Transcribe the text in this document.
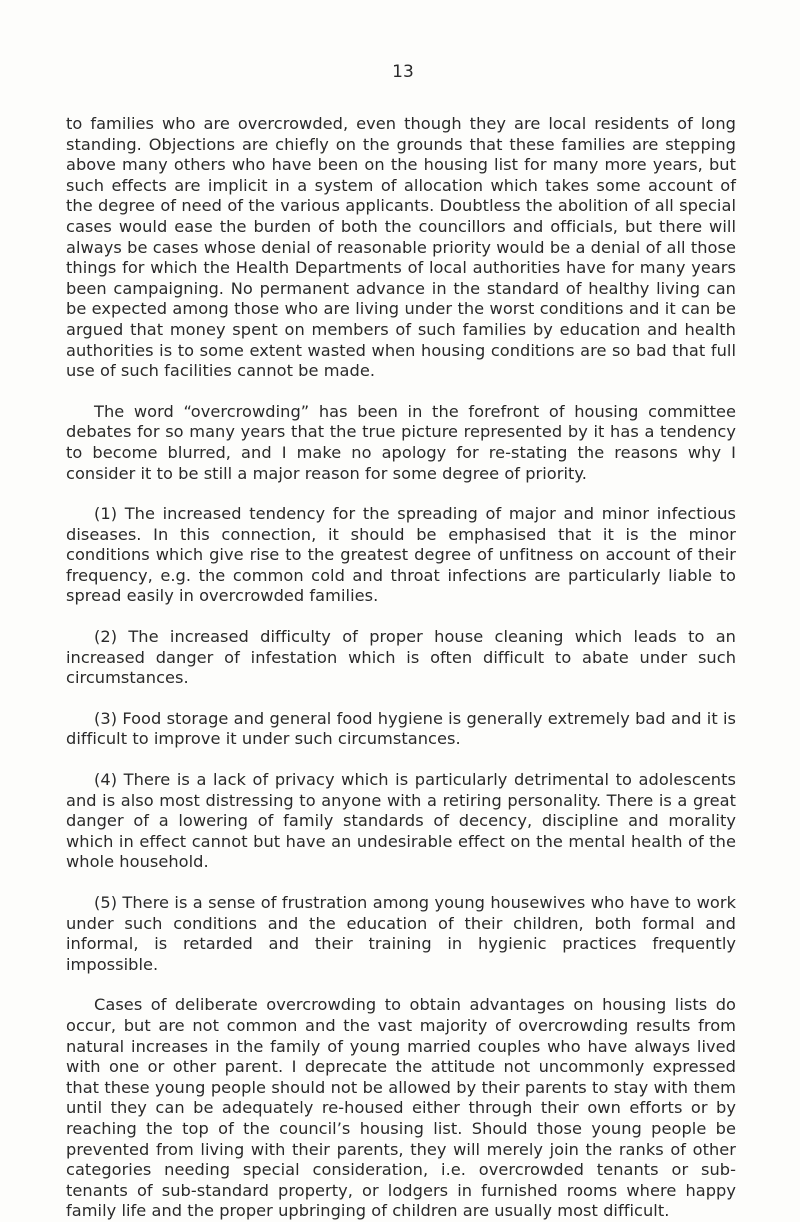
13

to families who are overcrowded, even though they are local residents of long standing. Objections are chiefly on the grounds that these families are stepping above many others who have been on the housing list for many more years, but such effects are implicit in a system of allocation which takes some account of the degree of need of the various applicants. Doubtless the abolition of all special cases would ease the burden of both the councillors and officials, but there will always be cases whose denial of reasonable priority would be a denial of all those things for which the Health Departments of local authorities have for many years been campaigning. No permanent advance in the standard of healthy living can be expected among those who are living under the worst conditions and it can be argued that money spent on members of such families by education and health authorities is to some extent wasted when housing conditions are so bad that full use of such facilities cannot be made.

The word “overcrowding” has been in the forefront of housing committee debates for so many years that the true picture represented by it has a tendency to become blurred, and I make no apology for re-stating the reasons why I consider it to be still a major reason for some degree of priority.

(1) The increased tendency for the spreading of major and minor infectious diseases. In this connection, it should be emphasised that it is the minor conditions which give rise to the greatest degree of unfitness on account of their frequency, e.g. the common cold and throat infections are particularly liable to spread easily in overcrowded families.

(2) The increased difficulty of proper house cleaning which leads to an increased danger of infestation which is often difficult to abate under such circumstances.

(3) Food storage and general food hygiene is generally extremely bad and it is difficult to improve it under such circumstances.

(4) There is a lack of privacy which is particularly detrimental to adolescents and is also most distressing to anyone with a retiring personality. There is a great danger of a lowering of family standards of decency, discipline and morality which in effect cannot but have an undesirable effect on the mental health of the whole household.

(5) There is a sense of frustration among young housewives who have to work under such conditions and the education of their children, both formal and informal, is retarded and their training in hygienic practices frequently impossible.

Cases of deliberate overcrowding to obtain advantages on housing lists do occur, but are not common and the vast majority of overcrowding results from natural increases in the family of young married couples who have always lived with one or other parent. I deprecate the attitude not uncommonly expressed that these young people should not be allowed by their parents to stay with them until they can be adequately re-housed either through their own efforts or by reaching the top of the council’s housing list. Should those young people be prevented from living with their parents, they will merely join the ranks of other categories needing special consideration, i.e. overcrowded tenants or sub-tenants of sub-standard property, or lodgers in furnished rooms where happy family life and the proper upbringing of children are usually most difficult.
